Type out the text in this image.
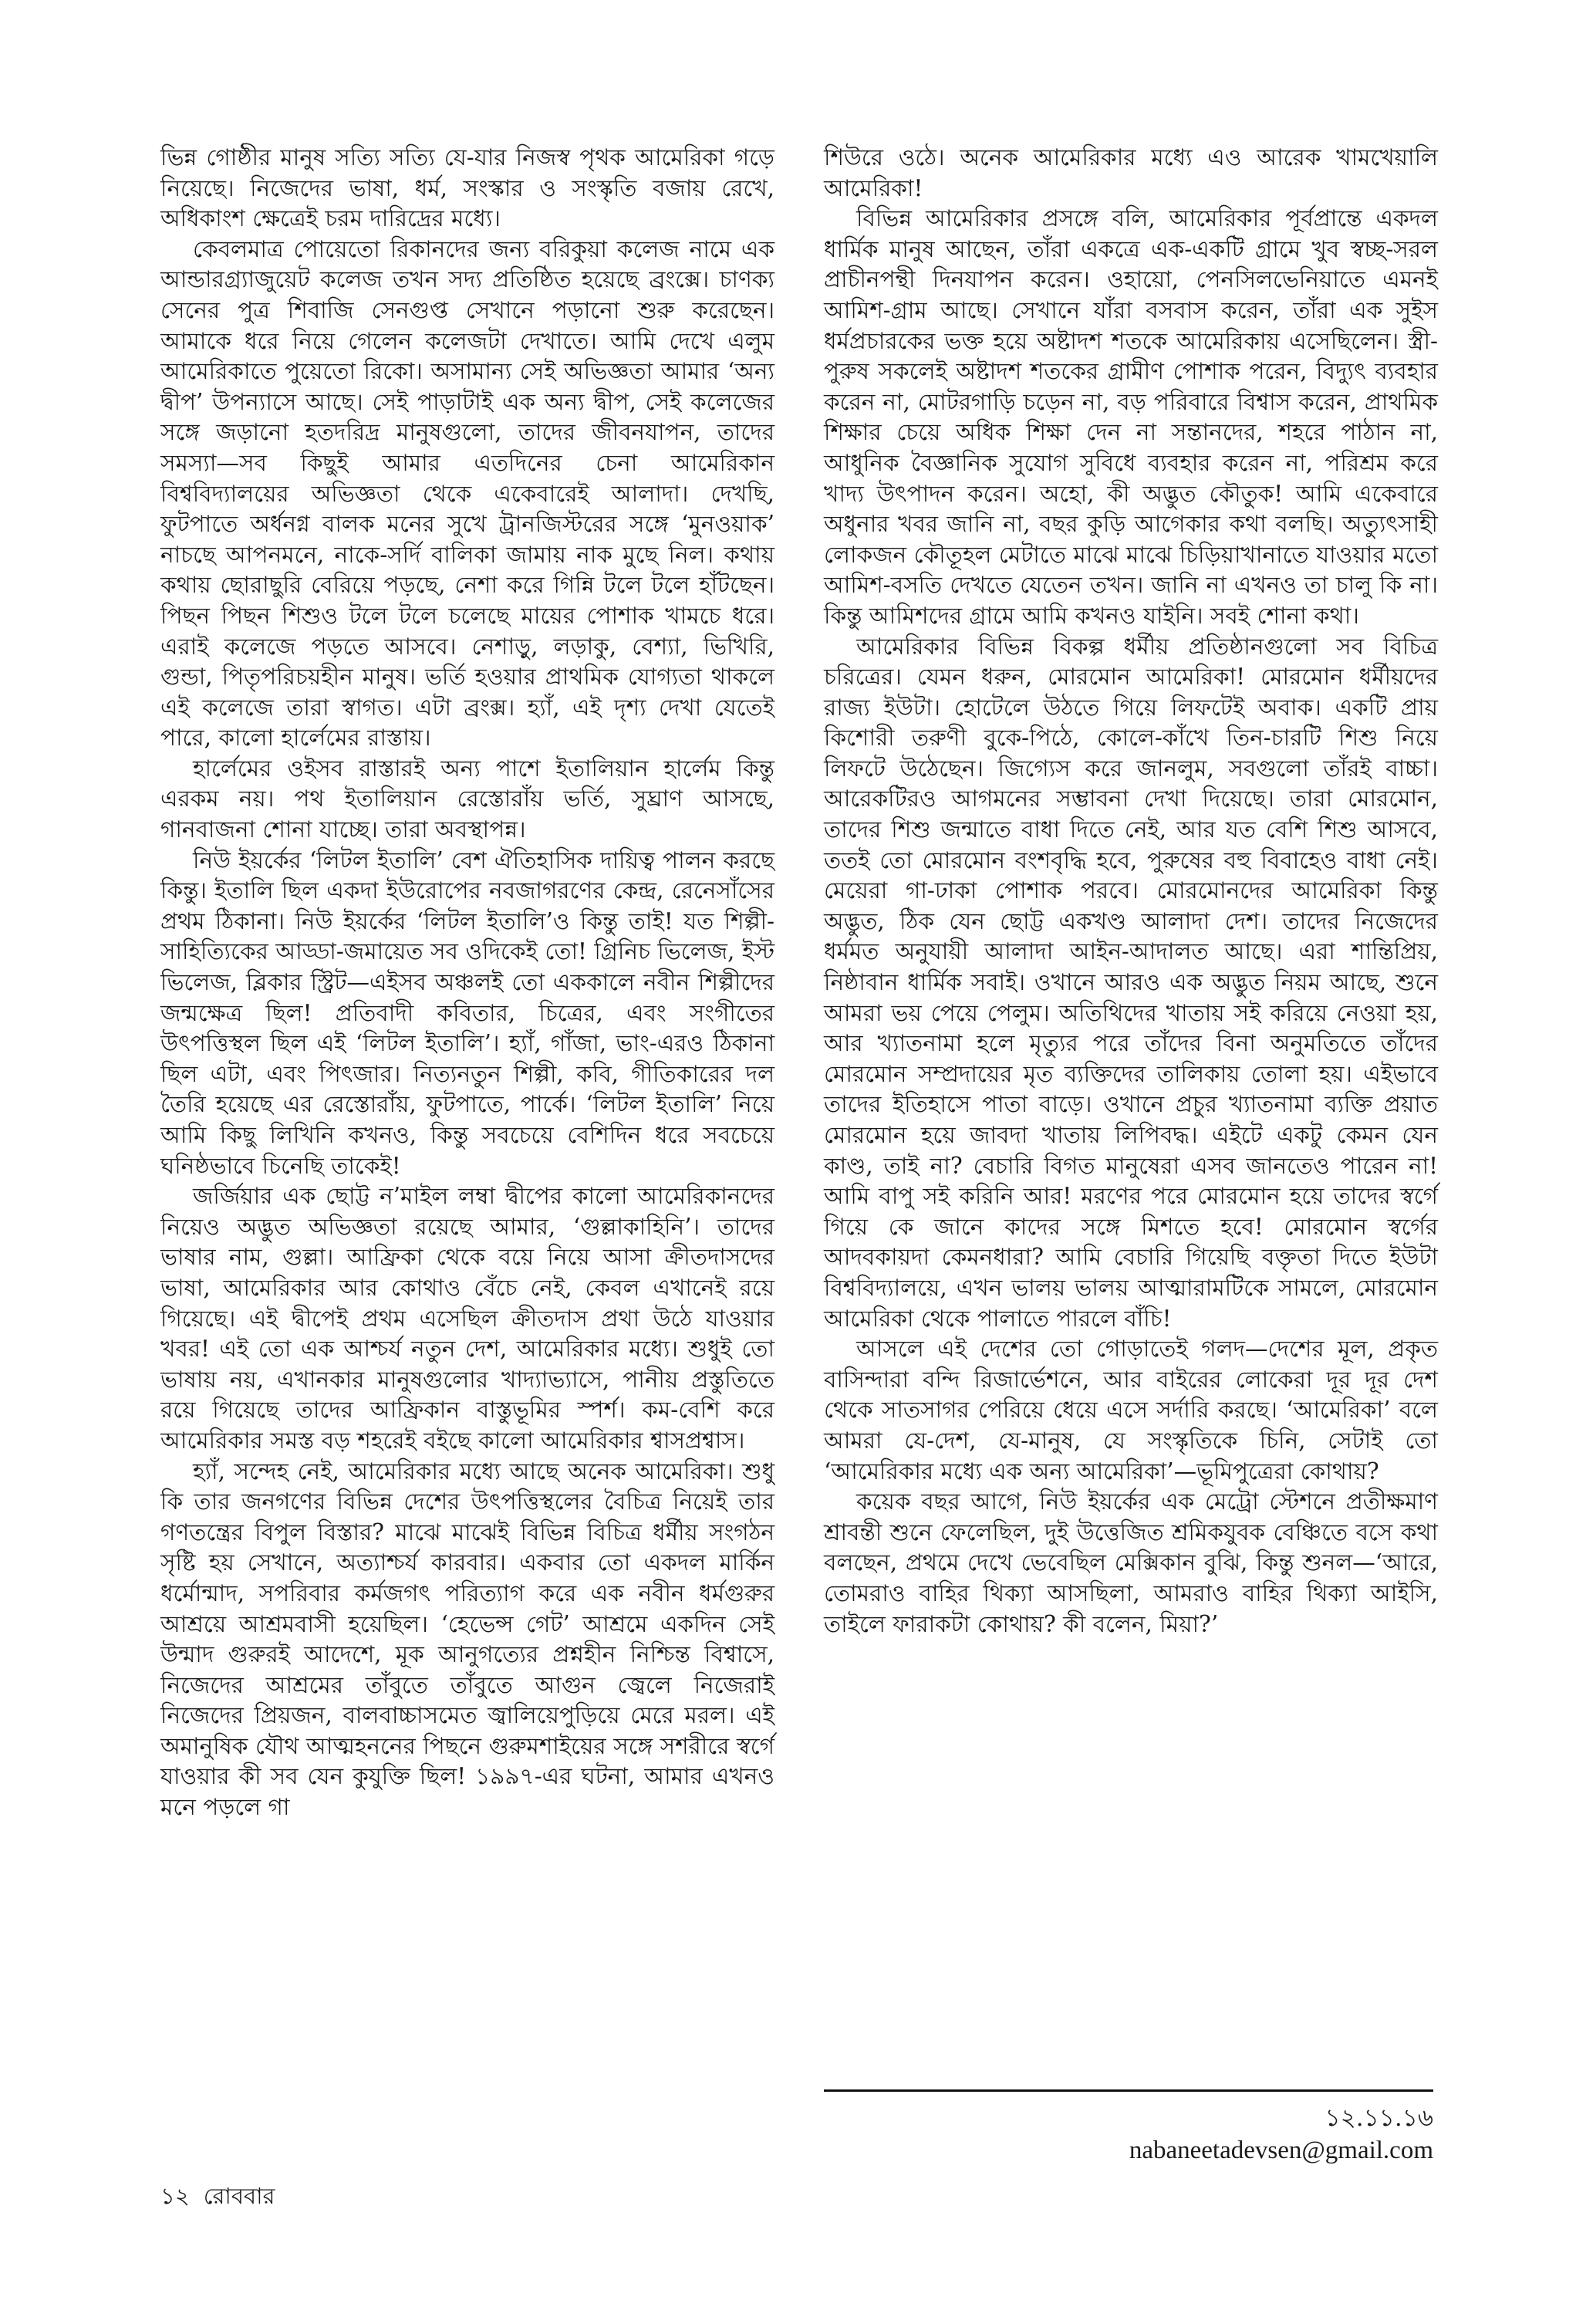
ভিন্ন গোষ্ঠীর মানুষ সত্যি সত্যি যে-যার নিজস্ব পৃথক আমেরিকা গড়ে নিয়েছে। নিজেদের ভাষা, ধর্ম, সংস্কার ও সংস্কৃতি বজায় রেখে, অধিকাংশ ক্ষেত্রেই চরম দারিদ্রের মধ্যে।

কেবলমাত্র পোয়েতো রিকানদের জন্য বরিকুয়া কলেজ নামে এক আন্ডারগ্র্যাজুয়েট কলেজ তখন সদ্য প্রতিষ্ঠিত হয়েছে ব্রংক্সে। চাণক্য সেনের পুত্র শিবাজি সেনগুপ্ত সেখানে পড়ানো শুরু করেছেন। আমাকে ধরে নিয়ে গেলেন কলেজটা দেখাতে। আমি দেখে এলুম আমেরিকাতে পুয়েতো রিকো। অসামান্য সেই অভিজ্ঞতা আমার ‘অন্য দ্বীপ’ উপন্যাসে আছে। সেই পাড়াটাই এক অন্য দ্বীপ, সেই কলেজের সঙ্গে জড়ানো হতদরিদ্র মানুষগুলো, তাদের জীবনযাপন, তাদের সমস্যা—সব কিছুই আমার এতদিনের চেনা আমেরিকান বিশ্ববিদ্যালয়ের অভিজ্ঞতা থেকে একেবারেই আলাদা। দেখছি, ফুটপাতে অর্ধনগ্ন বালক মনের সুখে ট্রানজিস্টরের সঙ্গে ‘মুনওয়াক’ নাচছে আপনমনে, নাকে-সর্দি বালিকা জামায় নাক মুছে নিল। কথায় কথায় ছোরাছুরি বেরিয়ে পড়ছে, নেশা করে গিন্নি টলে টলে হাঁটছেন। পিছন পিছন শিশুও টলে টলে চলেছে মায়ের পোশাক খামচে ধরে। এরাই কলেজে পড়তে আসবে। নেশাড়ু, লড়াকু, বেশ্যা, ভিখিরি, গুন্ডা, পিতৃপরিচয়হীন মানুষ। ভর্তি হওয়ার প্রাথমিক যোগ্যতা থাকলে এই কলেজে তারা স্বাগত। এটা ব্রংক্স। হ্যাঁ, এই দৃশ্য দেখা যেতেই পারে, কালো হার্লেমের রাস্তায়।

হার্লেমের ওইসব রাস্তারই অন্য পাশে ইতালিয়ান হার্লেম কিন্তু এরকম নয়। পথ ইতালিয়ান রেস্তোরাঁয় ভর্তি, সুঘ্রাণ আসছে, গানবাজনা শোনা যাচ্ছে। তারা অবস্থাপন্ন।

নিউ ইয়র্কের ‘লিটল ইতালি’ বেশ ঐতিহাসিক দায়িত্ব পালন করছে কিন্তু। ইতালি ছিল একদা ইউরোপের নবজাগরণের কেন্দ্র, রেনেসাঁসের প্রথম ঠিকানা। নিউ ইয়র্কের ‘লিটল ইতালি’ও কিন্তু তাই! যত শিল্পী-সাহিত্যিকের আড্ডা-জমায়েত সব ওদিকেই তো! গ্রিনিচ ভিলেজ, ইস্ট ভিলেজ, ব্লিকার স্ট্রিট—এইসব অঞ্চলই তো এককালে নবীন শিল্পীদের জন্মক্ষেত্র ছিল! প্রতিবাদী কবিতার, চিত্রের, এবং সংগীতের উৎপত্তিস্থল ছিল এই ‘লিটল ইতালি’। হ্যাঁ, গাঁজা, ভাং-এরও ঠিকানা ছিল এটা, এবং পিৎজার। নিত্যনতুন শিল্পী, কবি, গীতিকারের দল তৈরি হয়েছে এর রেস্তোরাঁয়, ফুটপাতে, পার্কে। ‘লিটল ইতালি’ নিয়ে আমি কিছু লিখিনি কখনও, কিন্তু সবচেয়ে বেশিদিন ধরে সবচেয়ে ঘনিষ্ঠভাবে চিনেছি তাকেই!

জর্জিয়ার এক ছোট্ট ন’মাইল লম্বা দ্বীপের কালো আমেরিকানদের নিয়েও অদ্ভুত অভিজ্ঞতা রয়েছে আমার, ‘গুল্লাকাহিনি’। তাদের ভাষার নাম, গুল্লা। আফ্রিকা থেকে বয়ে নিয়ে আসা ক্রীতদাসদের ভাষা, আমেরিকার আর কোথাও বেঁচে নেই, কেবল এখানেই রয়ে গিয়েছে। এই দ্বীপেই প্রথম এসেছিল ক্রীতদাস প্রথা উঠে যাওয়ার খবর! এই তো এক আশ্চর্য নতুন দেশ, আমেরিকার মধ্যে। শুধুই তো ভাষায় নয়, এখানকার মানুষগুলোর খাদ্যাভ্যাসে, পানীয় প্রস্তুতিতে রয়ে গিয়েছে তাদের আফ্রিকান বাস্তুভূমির স্পর্শ। কম-বেশি করে আমেরিকার সমস্ত বড় শহরেই বইছে কালো আমেরিকার শ্বাসপ্রশ্বাস।

হ্যাঁ, সন্দেহ নেই, আমেরিকার মধ্যে আছে অনেক আমেরিকা। শুধু কি তার জনগণের বিভিন্ন দেশের উৎপত্তিস্থলের বৈচিত্র নিয়েই তার গণতন্ত্রের বিপুল বিস্তার? মাঝে মাঝেই বিভিন্ন বিচিত্র ধর্মীয় সংগঠন সৃষ্টি হয় সেখানে, অত্যাশ্চর্য কারবার। একবার তো একদল মার্কিন ধর্মোন্মাদ, সপরিবার কর্মজগৎ পরিত্যাগ করে এক নবীন ধর্মগুরুর আশ্রয়ে আশ্রমবাসী হয়েছিল। ‘হেভেন্স গেট’ আশ্রমে একদিন সেই উন্মাদ গুরুরই আদেশে, মূক আনুগত্যের প্রশ্নহীন নিশ্চিন্ত বিশ্বাসে, নিজেদের আশ্রমের তাঁবুতে তাঁবুতে আগুন জ্বেলে নিজেরাই নিজেদের প্রিয়জন, বালবাচ্চাসমেত জ্বালিয়েপুড়িয়ে মেরে মরল। এই অমানুষিক যৌথ আত্মহননের পিছনে গুরুমশাইয়ের সঙ্গে সশরীরে স্বর্গে যাওয়ার কী সব যেন কুযুক্তি ছিল! ১৯৯৭-এর ঘটনা, আমার এখনও মনে পড়লে গা

শিউরে ওঠে। অনেক আমেরিকার মধ্যে এও আরেক খামখেয়ালি আমেরিকা!

বিভিন্ন আমেরিকার প্রসঙ্গে বলি, আমেরিকার পূর্বপ্রান্তে একদল ধার্মিক মানুষ আছেন, তাঁরা একত্রে এক-একটি গ্রামে খুব স্বচ্ছ-সরল প্রাচীনপন্থী দিনযাপন করেন। ওহায়ো, পেনসিলভেনিয়াতে এমনই আমিশ-গ্রাম আছে। সেখানে যাঁরা বসবাস করেন, তাঁরা এক সুইস ধর্মপ্রচারকের ভক্ত হয়ে অষ্টাদশ শতকে আমেরিকায় এসেছিলেন। স্ত্রী-পুরুষ সকলেই অষ্টাদশ শতকের গ্রামীণ পোশাক পরেন, বিদ্যুৎ ব্যবহার করেন না, মোটরগাড়ি চড়েন না, বড় পরিবারে বিশ্বাস করেন, প্রাথমিক শিক্ষার চেয়ে অধিক শিক্ষা দেন না সন্তানদের, শহরে পাঠান না, আধুনিক বৈজ্ঞানিক সুযোগ সুবিধে ব্যবহার করেন না, পরিশ্রম করে খাদ্য উৎপাদন করেন। অহো, কী অদ্ভুত কৌতুক! আমি একেবারে অধুনার খবর জানি না, বছর কুড়ি আগেকার কথা বলছি। অত্যুৎসাহী লোকজন কৌতূহল মেটাতে মাঝে মাঝে চিড়িয়াখানাতে যাওয়ার মতো আমিশ-বসতি দেখতে যেতেন তখন। জানি না এখনও তা চালু কি না। কিন্তু আমিশদের গ্রামে আমি কখনও যাইনি। সবই শোনা কথা।

আমেরিকার বিভিন্ন বিকল্প ধর্মীয় প্রতিষ্ঠানগুলো সব বিচিত্র চরিত্রের। যেমন ধরুন, মোরমোন আমেরিকা! মোরমোন ধর্মীয়দের রাজ্য ইউটা। হোটেলে উঠতে গিয়ে লিফটেই অবাক। একটি প্রায় কিশোরী তরুণী বুকে-পিঠে, কোলে-কাঁখে তিন-চারটি শিশু নিয়ে লিফটে উঠেছেন। জিগ্যেস করে জানলুম, সবগুলো তাঁরই বাচ্চা। আরেকটিরও আগমনের সম্ভাবনা দেখা দিয়েছে। তারা মোরমোন, তাদের শিশু জন্মাতে বাধা দিতে নেই, আর যত বেশি শিশু আসবে, ততই তো মোরমোন বংশবৃদ্ধি হবে, পুরুষের বহু বিবাহেও বাধা নেই। মেয়েরা গা-ঢাকা পোশাক পরবে। মোরমোনদের আমেরিকা কিন্তু অদ্ভুত, ঠিক যেন ছোট্ট একখণ্ড আলাদা দেশ। তাদের নিজেদের ধর্মমত অনুযায়ী আলাদা আইন-আদালত আছে। এরা শান্তিপ্রিয়, নিষ্ঠাবান ধার্মিক সবাই। ওখানে আরও এক অদ্ভুত নিয়ম আছে, শুনে আমরা ভয় পেয়ে পেলুম। অতিথিদের খাতায় সই করিয়ে নেওয়া হয়, আর খ্যাতনামা হলে মৃত্যুর পরে তাঁদের বিনা অনুমতিতে তাঁদের মোরমোন সম্প্রদায়ের মৃত ব্যক্তিদের তালিকায় তোলা হয়। এইভাবে তাদের ইতিহাসে পাতা বাড়ে। ওখানে প্রচুর খ্যাতনামা ব্যক্তি প্রয়াত মোরমোন হয়ে জাবদা খাতায় লিপিবদ্ধ। এইটে একটু কেমন যেন কাণ্ড, তাই না? বেচারি বিগত মানুষেরা এসব জানতেও পারেন না! আমি বাপু সই করিনি আর! মরণের পরে মোরমোন হয়ে তাদের স্বর্গে গিয়ে কে জানে কাদের সঙ্গে মিশতে হবে! মোরমোন স্বর্গের আদবকায়দা কেমনধারা? আমি বেচারি গিয়েছি বক্তৃতা দিতে ইউটা বিশ্ববিদ্যালয়ে, এখন ভালয় ভালয় আত্মারামটিকে সামলে, মোরমোন আমেরিকা থেকে পালাতে পারলে বাঁচি!

আসলে এই দেশের তো গোড়াতেই গলদ—দেশের মূল, প্রকৃত বাসিন্দারা বন্দি রিজার্ভেশনে, আর বাইরের লোকেরা দূর দূর দেশ থেকে সাতসাগর পেরিয়ে ধেয়ে এসে সর্দারি করছে। ‘আমেরিকা’ বলে আমরা যে-দেশ, যে-মানুষ, যে সংস্কৃতিকে চিনি, সেটাই তো ‘আমেরিকার মধ্যে এক অন্য আমেরিকা’—ভূমিপুত্রেরা কোথায়?

কয়েক বছর আগে, নিউ ইয়র্কের এক মেট্রো স্টেশনে প্রতীক্ষমাণ শ্রাবন্তী শুনে ফেলেছিল, দুই উত্তেজিত শ্রমিকযুবক বেঞ্চিতে বসে কথা বলছেন, প্রথমে দেখে ভেবেছিল মেক্সিকান বুঝি, কিন্তু শুনল—‘আরে, তোমরাও বাহির থিক্যা আসছিলা, আমরাও বাহির থিক্যা আইসি, তাইলে ফারাকটা কোথায়? কী বলেন, মিয়া?’

১২.১১.১৬
nabaneetadevsen@gmail.com
১২ রোববার
